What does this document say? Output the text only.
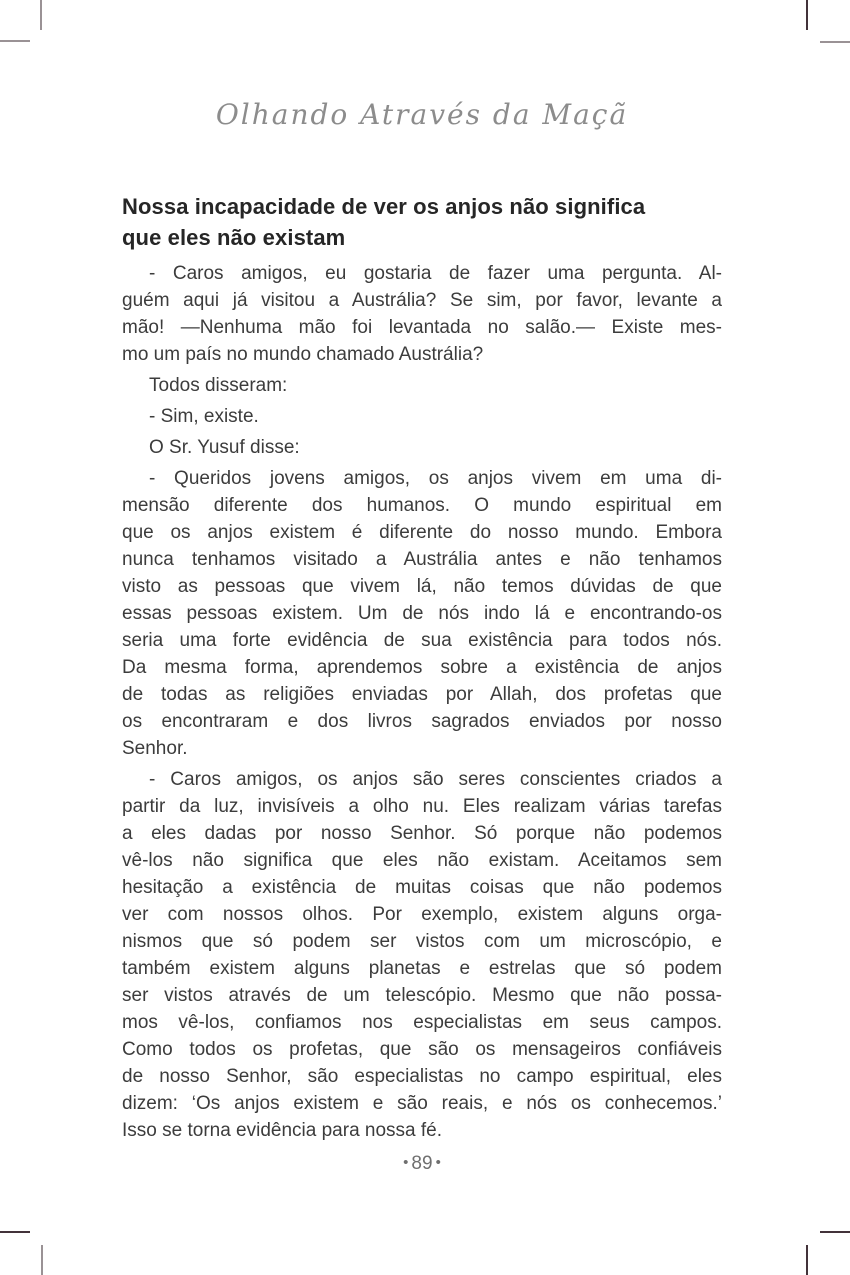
Olhando Através da Maçã
Nossa incapacidade de ver os anjos não significa
que eles não existam
- Caros amigos, eu gostaria de fazer uma pergunta. Al-
guém aqui já visitou a Austrália? Se sim, por favor, levante a
mão! —Nenhuma mão foi levantada no salão.— Existe mes-
mo um país no mundo chamado Austrália?
Todos disseram:
- Sim, existe.
O Sr. Yusuf disse:
- Queridos jovens amigos, os anjos vivem em uma di-
mensão diferente dos humanos. O mundo espiritual em
que os anjos existem é diferente do nosso mundo. Embora
nunca tenhamos visitado a Austrália antes e não tenhamos
visto as pessoas que vivem lá, não temos dúvidas de que
essas pessoas existem. Um de nós indo lá e encontrando-os
seria uma forte evidência de sua existência para todos nós.
Da mesma forma, aprendemos sobre a existência de anjos
de todas as religiões enviadas por Allah, dos profetas que
os encontraram e dos livros sagrados enviados por nosso
Senhor.
- Caros amigos, os anjos são seres conscientes criados a
partir da luz, invisíveis a olho nu. Eles realizam várias tarefas
a eles dadas por nosso Senhor. Só porque não podemos
vê-los não significa que eles não existam. Aceitamos sem
hesitação a existência de muitas coisas que não podemos
ver com nossos olhos. Por exemplo, existem alguns orga-
nismos que só podem ser vistos com um microscópio, e
também existem alguns planetas e estrelas que só podem
ser vistos através de um telescópio. Mesmo que não possa-
mos vê-los, confiamos nos especialistas em seus campos.
Como todos os profetas, que são os mensageiros confiáveis
de nosso Senhor, são especialistas no campo espiritual, eles
dizem: ‘Os anjos existem e são reais, e nós os conhecemos.’
Isso se torna evidência para nossa fé.
• 89 •
